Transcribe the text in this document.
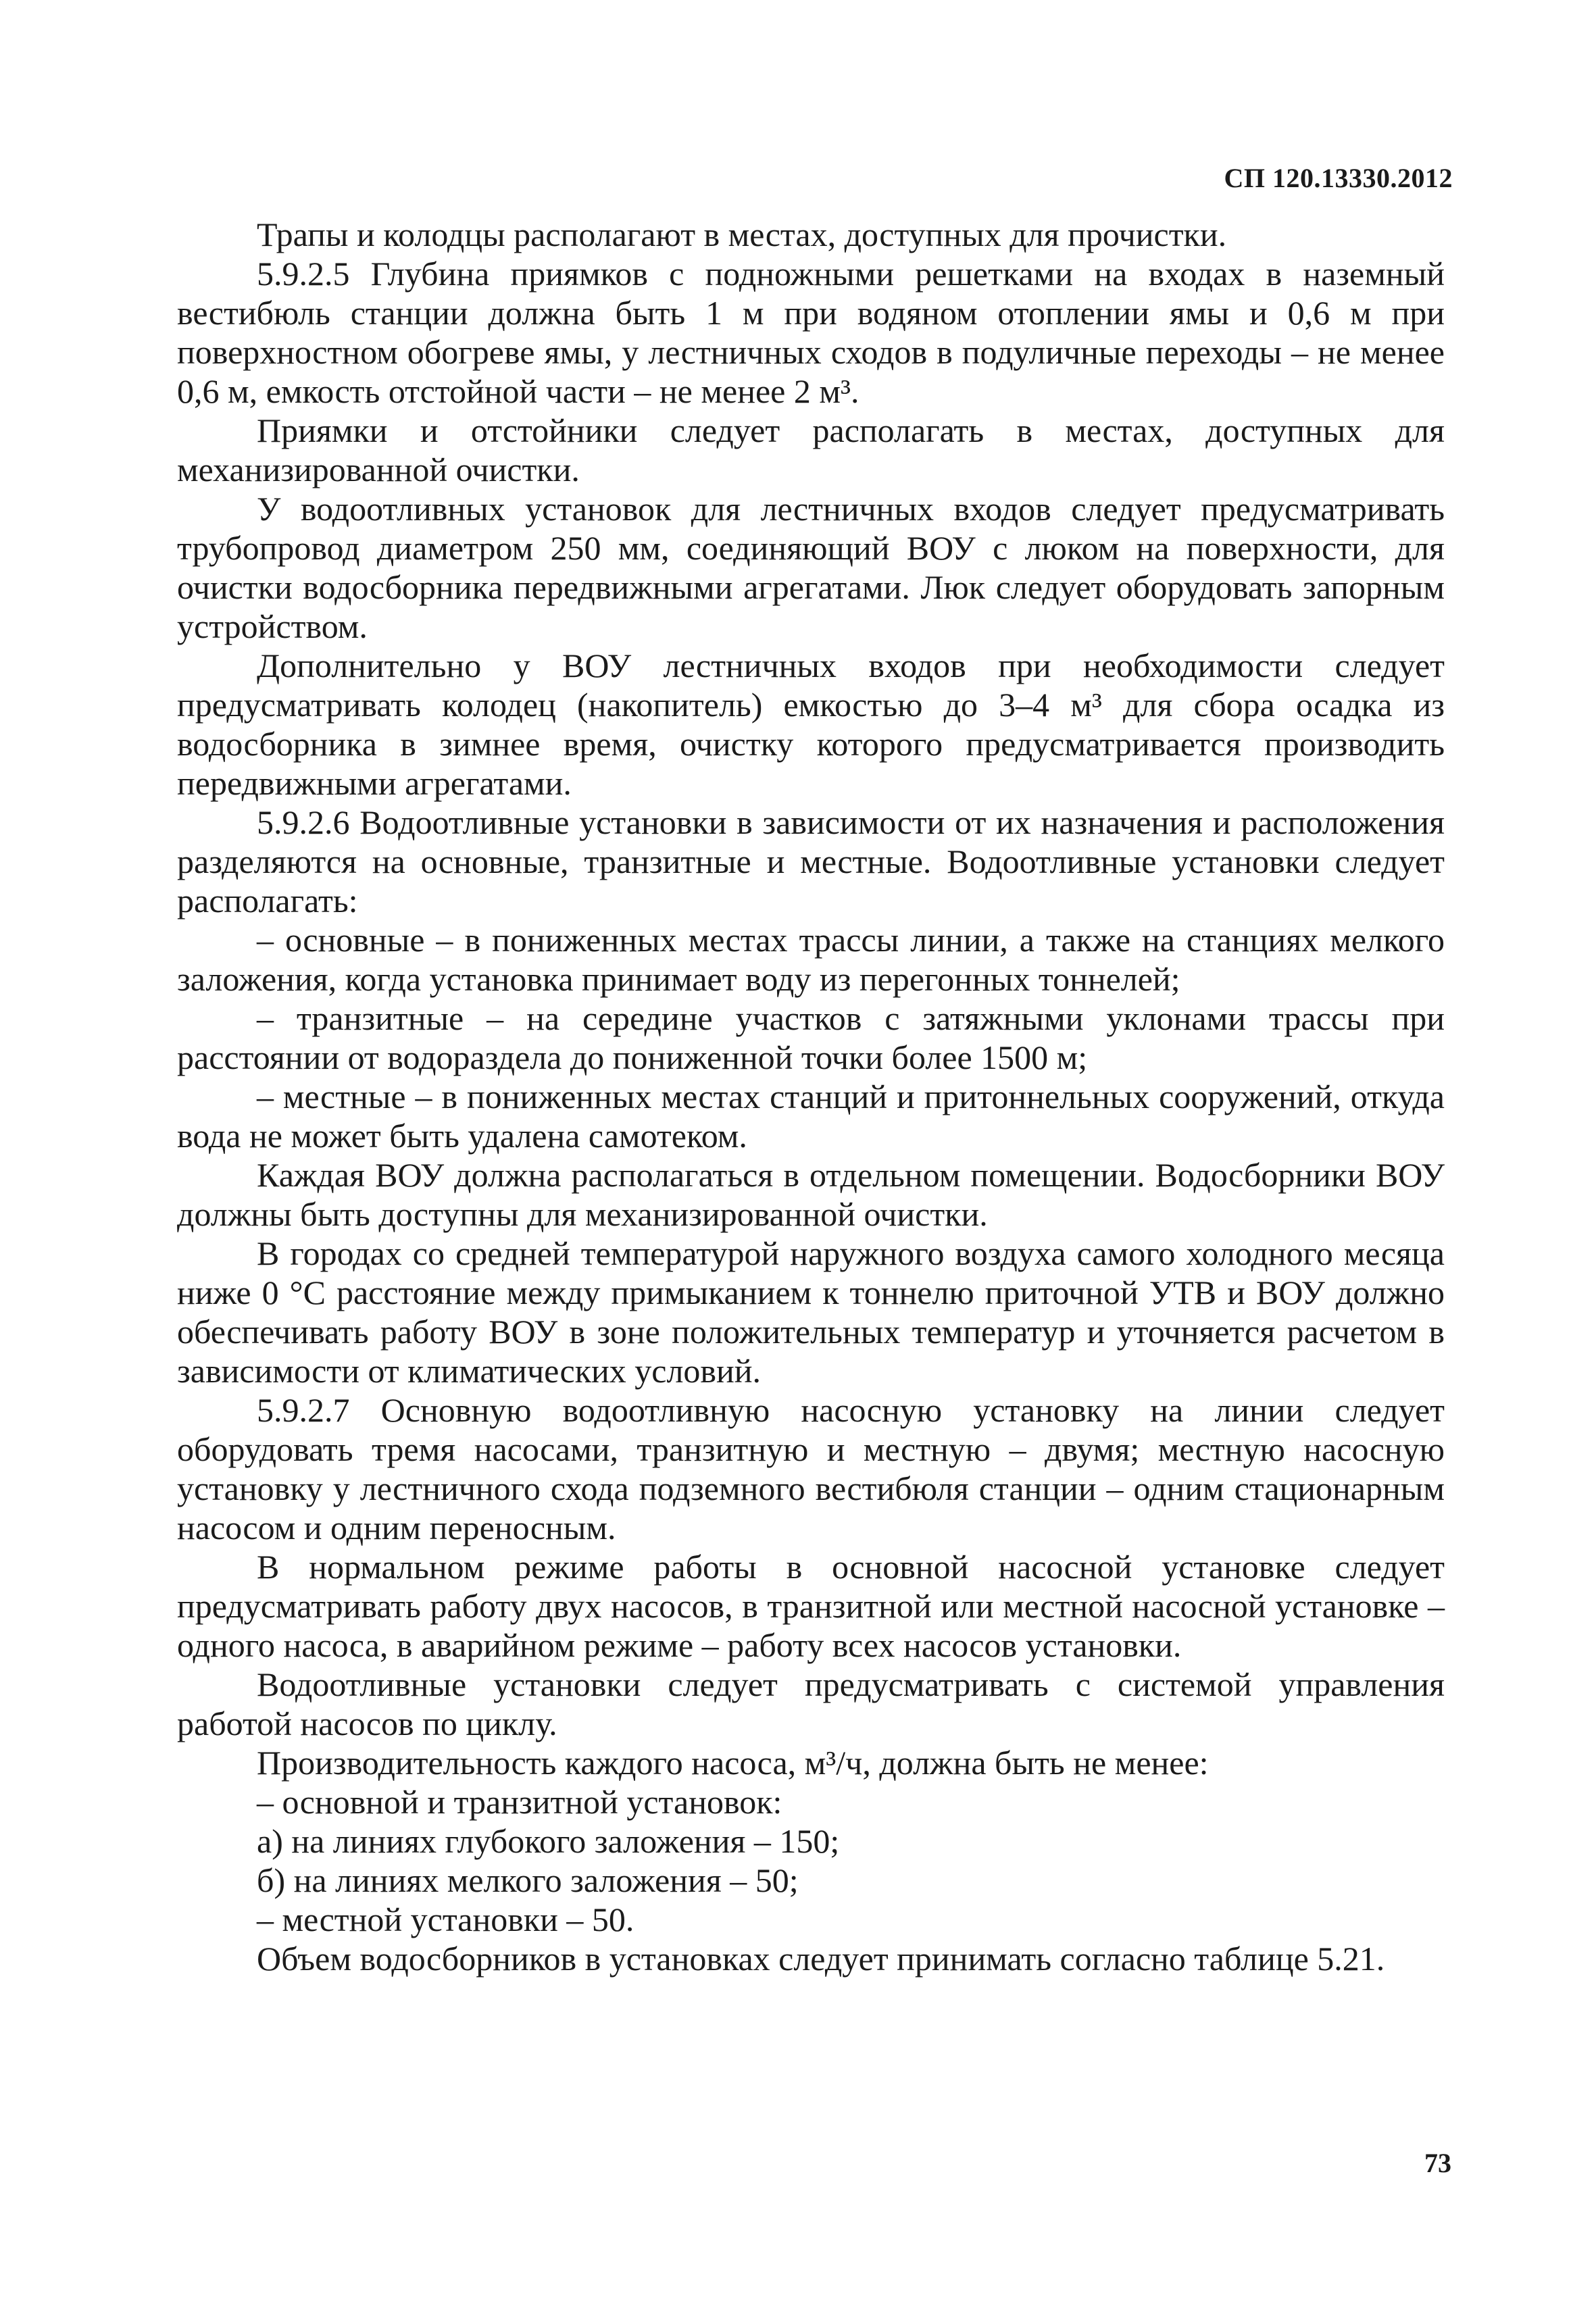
СП 120.13330.2012

Трапы и колодцы располагают в местах, доступных для прочистки.

5.9.2.5 Глубина приямков с подножными решетками на входах в наземный вестибюль станции должна быть 1 м при водяном отоплении ямы и 0,6 м при поверхностном обогреве ямы, у лестничных сходов в подуличные переходы – не менее 0,6 м, емкость отстойной части – не менее 2 м³.

Приямки и отстойники следует располагать в местах, доступных для механизированной очистки.

У водоотливных установок для лестничных входов следует предусматривать трубопровод диаметром 250 мм, соединяющий ВОУ с люком на поверхности, для очистки водосборника передвижными агрегатами. Люк следует оборудовать запорным устройством.

Дополнительно у ВОУ лестничных входов при необходимости следует предусматривать колодец (накопитель) емкостью до 3–4 м³ для сбора осадка из водосборника в зимнее время, очистку которого предусматривается производить передвижными агрегатами.

5.9.2.6 Водоотливные установки в зависимости от их назначения и расположения разделяются на основные, транзитные и местные. Водоотливные установки следует располагать:

– основные – в пониженных местах трассы линии, а также на станциях мелкого заложения, когда установка принимает воду из перегонных тоннелей;

– транзитные – на середине участков с затяжными уклонами трассы при расстоянии от водораздела до пониженной точки более 1500 м;

– местные – в пониженных местах станций и притоннельных сооружений, откуда вода не может быть удалена самотеком.

Каждая ВОУ должна располагаться в отдельном помещении. Водосборники ВОУ должны быть доступны для механизированной очистки.

В городах со средней температурой наружного воздуха самого холодного месяца ниже 0 °С расстояние между примыканием к тоннелю приточной УТВ и ВОУ должно обеспечивать работу ВОУ в зоне положительных температур и уточняется расчетом в зависимости от климатических условий.

5.9.2.7 Основную водоотливную насосную установку на линии следует оборудовать тремя насосами, транзитную и местную – двумя; местную насосную установку у лестничного схода подземного вестибюля станции – одним стационарным насосом и одним переносным.

В нормальном режиме работы в основной насосной установке следует предусматривать работу двух насосов, в транзитной или местной насосной установке – одного насоса, в аварийном режиме – работу всех насосов установки.

Водоотливные установки следует предусматривать с системой управления работой насосов по циклу.

Производительность каждого насоса, м³/ч, должна быть не менее:

– основной и транзитной установок:

а) на линиях глубокого заложения – 150;

б) на линиях мелкого заложения – 50;

– местной установки – 50.

Объем водосборников в установках следует принимать согласно таблице 5.21.

73
